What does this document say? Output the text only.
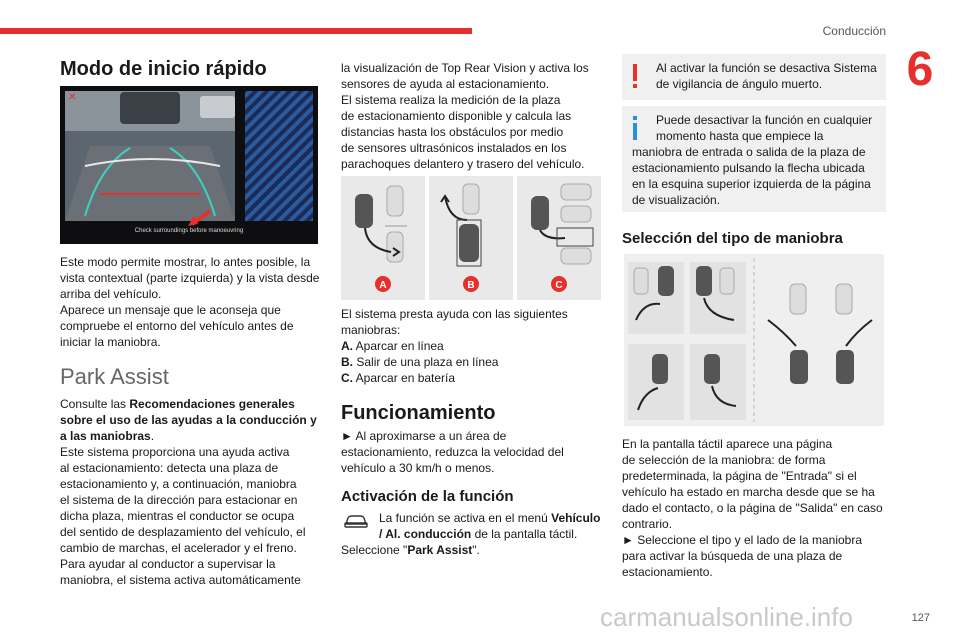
Conducción
6
Modo de inicio rápido
✕
Check surroundings before manoeuvring

Este modo permite mostrar, lo antes posible, la

vista contextual (parte izquierda) y la vista desde

arriba del vehículo.

Aparece un mensaje que le aconseja que

compruebe el entorno del vehículo antes de

iniciar la maniobra.

Park Assist

Consulte las Recomendaciones generales

sobre el uso de las ayudas a la conducción y

a las maniobras.

Este sistema proporciona una ayuda activa

al estacionamiento: detecta una plaza de

estacionamiento y, a continuación, maniobra

el sistema de la dirección para estacionar en

dicha plaza, mientras el conductor se ocupa

del sentido de desplazamiento del vehículo, el

cambio de marchas, el acelerador y el freno.

Para ayudar al conductor a supervisar la

maniobra, el sistema activa automáticamente

la visualización de Top Rear Vision y activa los

sensores de ayuda al estacionamiento.

El sistema realiza la medición de la plaza

de estacionamiento disponible y calcula las

distancias hasta los obstáculos por medio

de sensores ultrasónicos instalados en los

parachoques delantero y trasero del vehículo.

A	B	C

El sistema presta ayuda con las siguientes

maniobras:

A. Aparcar en línea

B. Salir de una plaza en línea

C. Aparcar en batería

Funcionamiento

► Al aproximarse a un área de

estacionamiento, reduzca la velocidad del

vehículo a 30 km/h o menos.

Activación de la función

La función se activa en el menú Vehículo

/ Al. conducción de la pantalla táctil.

Seleccione "Park Assist".

Al activar la función se desactiva Sistema

de vigilancia de ángulo muerto.

Puede desactivar la función en cualquier

momento hasta que empiece la

maniobra de entrada o salida de la plaza de

estacionamiento pulsando la flecha ubicada

en la esquina superior izquierda de la página

de visualización.

Selección del tipo de maniobra

En la pantalla táctil aparece una página

de selección de la maniobra: de forma

predeterminada, la página de "Entrada" si el

vehículo ha estado en marcha desde que se ha

dado el contacto, o la página de "Salida" en caso

contrario.

► Seleccione el tipo y el lado de la maniobra

para activar la búsqueda de una plaza de

estacionamiento.

carmanualsonline.info	127
